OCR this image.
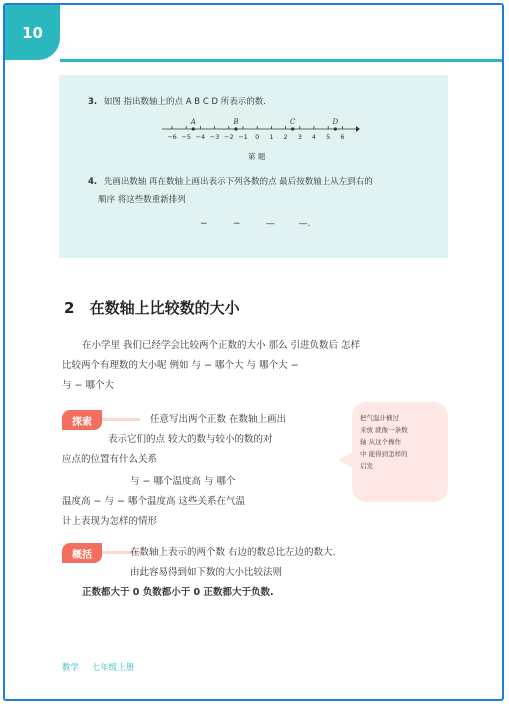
10
3. 如图 指出数轴上的点 A B C D 所表示的数.
−6 −5 −4 −3 −2 −1 0 1 2 3 4 5 6
A	B	C	D
第 题
4. 先画出数轴 再在数轴上画出表示下列各数的点 最后按数轴上从左到右的
顺序 将这些数重新排列
−	−	—	—.
2 在数轴上比较数的大小
在小学里 我们已经学会比较两个正数的大小 那么 引进负数后 怎样
比较两个有理数的大小呢 例如 与 − 哪个大 与 哪个大 −
与 − 哪个大
探索	任意写出两个正数 在数轴上画出
表示它们的点 较大的数与较小的数的对
应点的位置有什么关系
与 − 哪个温度高 与 哪个
温度高 − 与 − 哪个温度高 这些关系在气温
计上表现为怎样的情形
把气温计横过
来放 就像一条数
轴 从这个操作
中 能得到怎样的
启发
概括	在数轴上表示的两个数 右边的数总比左边的数大.
由此容易得到如下数的大小比较法则
正数都大于 0 负数都小于 0 正数都大于负数.
数学 七年级上册
